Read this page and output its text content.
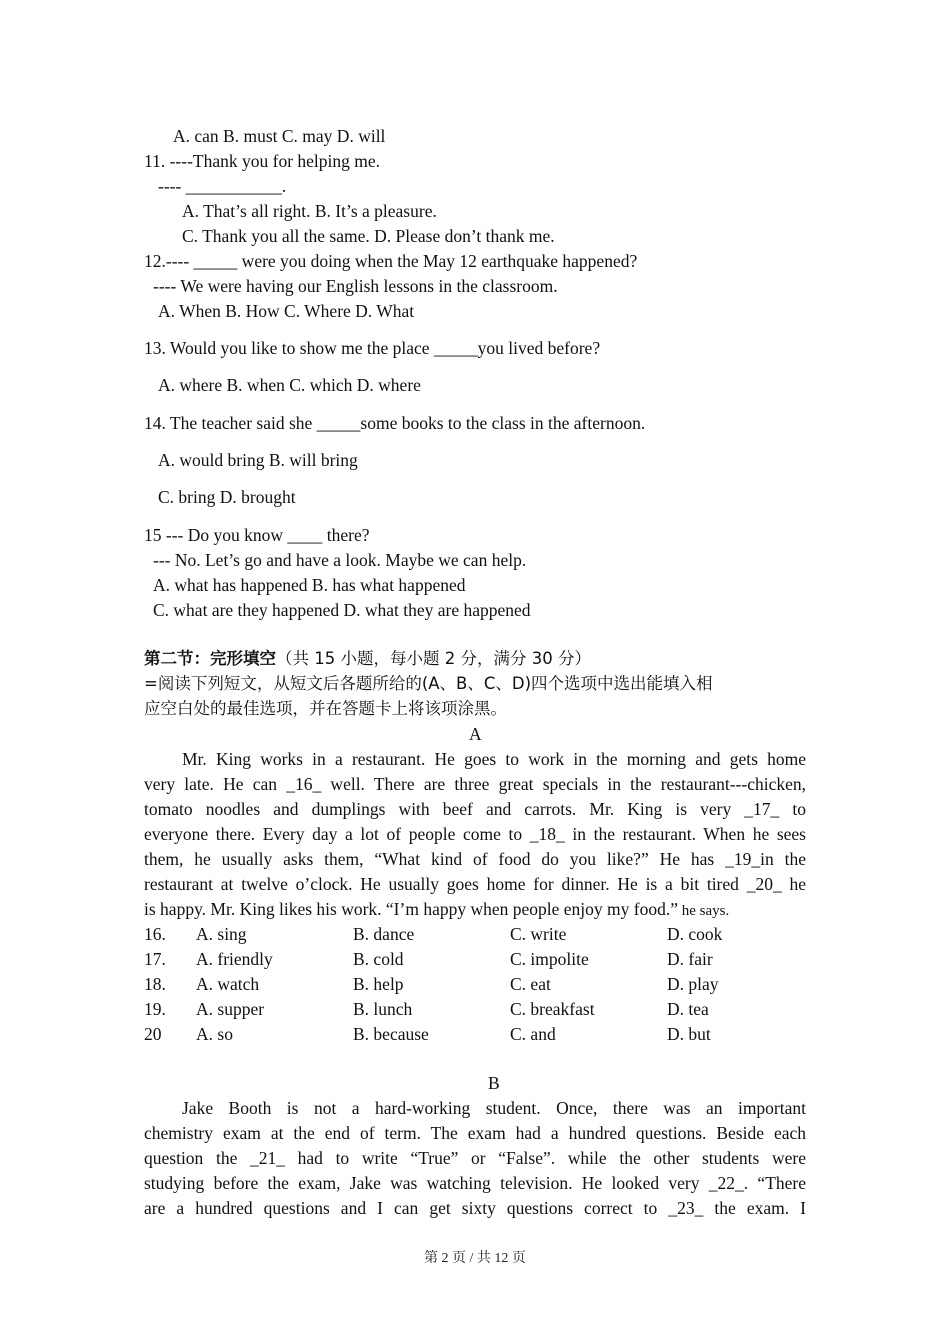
A. can B. must C. may D. will
11. ----Thank you for helping me.
---- ___________.
A. That’s all right. B. It’s a pleasure.
C. Thank you all the same. D. Please don’t thank me.
12.---- _____ were you doing when the May 12 earthquake happened?
---- We were having our English lessons in the classroom.
A. When B. How C. Where D. What
13. Would you like to show me the place _____you lived before?
A. where B. when C. which D. where
14. The teacher said she _____some books to the class in the afternoon.
A. would bring B. will bring
C. bring D. brought
15 --- Do you know ____ there?
--- No. Let’s go and have a look. Maybe we can help.
A. what has happened B. has what happened
C. what are they happened D. what they are happened
第二节：完形填空（共 15 小题，每小题 2 分，满分 30 分）
=阅读下列短文，从短文后各题所给的(A、B、C、D)四个选项中选出能填入相
应空白处的最佳选项，并在答题卡上将该项涂黑。
A
Mr. King works in a restaurant. He goes to work in the morning and gets home
very late. He can _16_ well. There are three great specials in the restaurant---chicken,
tomato noodles and dumplings with beef and carrots. Mr. King is very _17_ to
everyone there. Every day a lot of people come to _18_ in the restaurant. When he sees
them, he usually asks them, “What kind of food do you like?” He has _19_in the
restaurant at twelve o’clock. He usually goes home for dinner. He is a bit tired _20_ he
is happy. Mr. King likes his work. “I’m happy when people enjoy my food.” he says.
16. A. sing	B. dance	C. write	D. cook
17. A. friendly	B. cold	C. impolite	D. fair
18. A. watch	B. help	C. eat	D. play
19. A. supper	B. lunch	C. breakfast	D. tea
20 A. so	B. because	C. and	D. but
B
Jake Booth is not a hard-working student. Once, there was an important
chemistry exam at the end of term. The exam had a hundred questions. Beside each
question the _21_ had to write “True” or “False”. while the other students were
studying before the exam, Jake was watching television. He looked very _22_. “There
are a hundred questions and I can get sixty questions correct to _23_ the exam. I
第 2 页 / 共 12 页
